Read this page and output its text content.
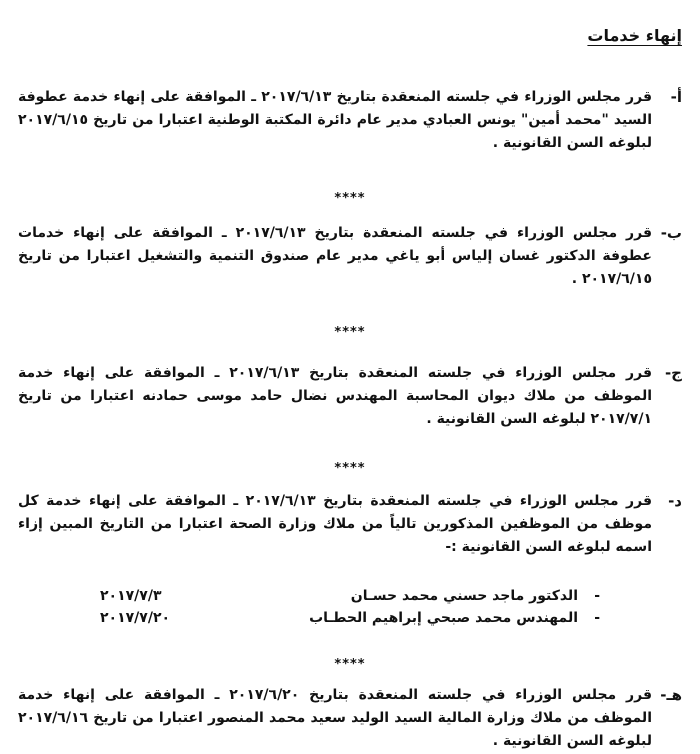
إنهاء خدمات
أ-

قرر مجلس الوزراء في جلسته المنعقدة بتاريخ ٢٠١٧/٦/١٣ ـ الموافقة على إنهاء خدمة عطوفة السيد "محمد أمين" يونس العبادي مدير عام دائرة المكتبة الوطنية اعتبارا من تاريخ ٢٠١٧/٦/١٥ لبلوغه السن القانونية .

****
ب-

قرر مجلس الوزراء في جلسته المنعقدة بتاريخ ٢٠١٧/٦/١٣ ـ الموافقة على إنهاء خدمات عطوفة الدكتور غسان إلياس أبو ياغي مدير عام صندوق التنمية والتشغيل اعتبارا من تاريخ ٢٠١٧/٦/١٥ .

****
ج-

قرر مجلس الوزراء في جلسته المنعقدة بتاريخ ٢٠١٧/٦/١٣ ـ الموافقة على إنهاء خدمة الموظف من ملاك ديوان المحاسبة المهندس نضال حامد موسى حمادنه اعتبارا من تاريخ ٢٠١٧/٧/١ لبلوغه السن القانونية .

****
د-

قرر مجلس الوزراء في جلسته المنعقدة بتاريخ ٢٠١٧/٦/١٣ ـ الموافقة على إنهاء خدمة كل موظف من الموظفين المذكورين تالياً من ملاك وزارة الصحة اعتبارا من التاريخ المبين إزاء اسمه لبلوغه السن القانونية :-

-
الدكتور ماجد حسني محمد حسـان
٢٠١٧/٧/٣
-
المهندس محمد صبحي إبراهيم الحطـاب
٢٠١٧/٧/٢٠
****
هـ-

قرر مجلس الوزراء في جلسته المنعقدة بتاريخ ٢٠١٧/٦/٢٠ ـ الموافقة على إنهاء خدمة الموظف من ملاك وزارة المالية السيد الوليد سعيد محمد المنصور اعتبارا من تاريخ ٢٠١٧/٦/١٦ لبلوغه السن القانونية .
